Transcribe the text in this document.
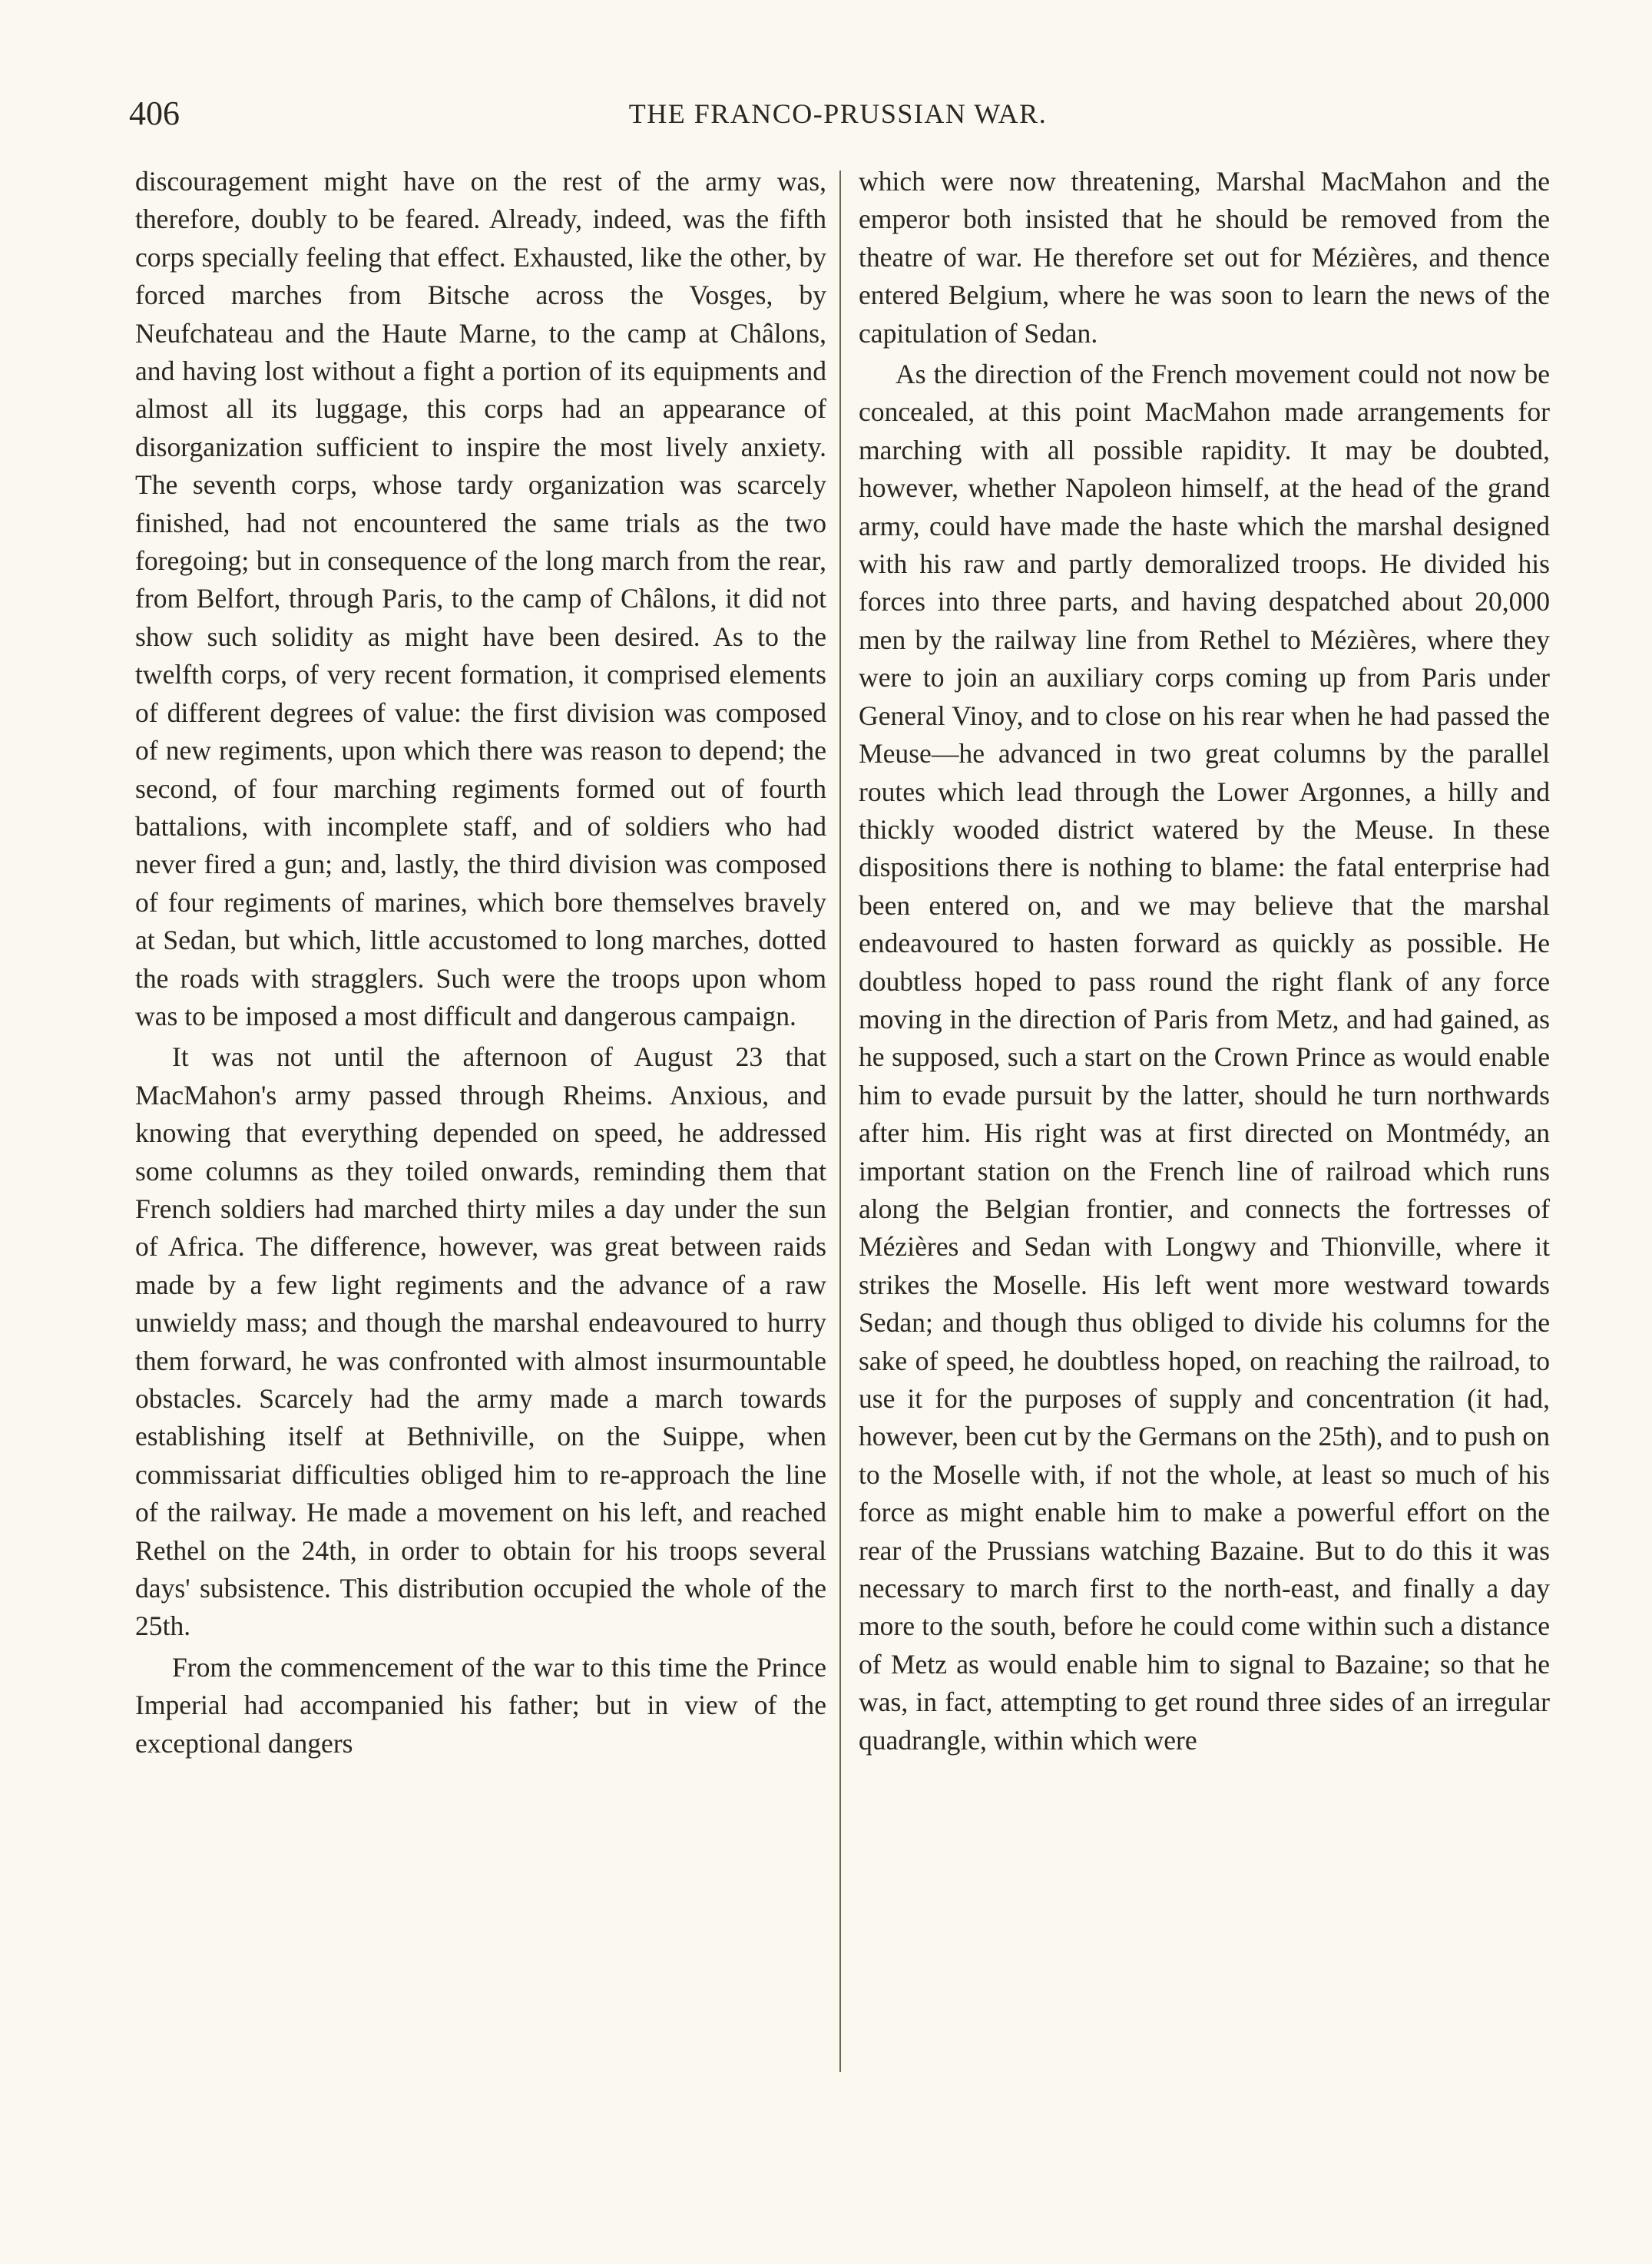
406	THE FRANCO-PRUSSIAN WAR.

discouragement might have on the rest of the army was, therefore, doubly to be feared. Already, indeed, was the fifth corps specially feeling that effect. Exhausted, like the other, by forced marches from Bitsche across the Vosges, by Neufchateau and the Haute Marne, to the camp at Châlons, and having lost without a fight a portion of its equipments and almost all its luggage, this corps had an appearance of disorganization sufficient to inspire the most lively anxiety. The seventh corps, whose tardy organization was scarcely finished, had not encountered the same trials as the two foregoing; but in consequence of the long march from the rear, from Belfort, through Paris, to the camp of Châlons, it did not show such solidity as might have been desired. As to the twelfth corps, of very recent formation, it comprised elements of different degrees of value: the first division was composed of new regiments, upon which there was reason to depend; the second, of four marching regiments formed out of fourth battalions, with incomplete staff, and of soldiers who had never fired a gun; and, lastly, the third division was composed of four regiments of marines, which bore themselves bravely at Sedan, but which, little accustomed to long marches, dotted the roads with stragglers. Such were the troops upon whom was to be imposed a most difficult and dangerous campaign.

It was not until the afternoon of August 23 that MacMahon's army passed through Rheims. Anxious, and knowing that everything depended on speed, he addressed some columns as they toiled onwards, reminding them that French soldiers had marched thirty miles a day under the sun of Africa. The difference, however, was great between raids made by a few light regiments and the advance of a raw unwieldy mass; and though the marshal endeavoured to hurry them forward, he was confronted with almost insurmountable obstacles. Scarcely had the army made a march towards establishing itself at Bethniville, on the Suippe, when commissariat difficulties obliged him to re-approach the line of the railway. He made a movement on his left, and reached Rethel on the 24th, in order to obtain for his troops several days' subsistence. This distribution occupied the whole of the 25th.

From the commencement of the war to this time the Prince Imperial had accompanied his father; but in view of the exceptional dangers

which were now threatening, Marshal MacMahon and the emperor both insisted that he should be removed from the theatre of war. He therefore set out for Mézières, and thence entered Belgium, where he was soon to learn the news of the capitulation of Sedan.

As the direction of the French movement could not now be concealed, at this point MacMahon made arrangements for marching with all possible rapidity. It may be doubted, however, whether Napoleon himself, at the head of the grand army, could have made the haste which the marshal designed with his raw and partly demoralized troops. He divided his forces into three parts, and having despatched about 20,000 men by the railway line from Rethel to Mézières, where they were to join an auxiliary corps coming up from Paris under General Vinoy, and to close on his rear when he had passed the Meuse—he advanced in two great columns by the parallel routes which lead through the Lower Argonnes, a hilly and thickly wooded district watered by the Meuse. In these dispositions there is nothing to blame: the fatal enterprise had been entered on, and we may believe that the marshal endeavoured to hasten forward as quickly as possible. He doubtless hoped to pass round the right flank of any force moving in the direction of Paris from Metz, and had gained, as he supposed, such a start on the Crown Prince as would enable him to evade pursuit by the latter, should he turn northwards after him. His right was at first directed on Montmédy, an important station on the French line of railroad which runs along the Belgian frontier, and connects the fortresses of Mézières and Sedan with Longwy and Thionville, where it strikes the Moselle. His left went more westward towards Sedan; and though thus obliged to divide his columns for the sake of speed, he doubtless hoped, on reaching the railroad, to use it for the purposes of supply and concentration (it had, however, been cut by the Germans on the 25th), and to push on to the Moselle with, if not the whole, at least so much of his force as might enable him to make a powerful effort on the rear of the Prussians watching Bazaine. But to do this it was necessary to march first to the north-east, and finally a day more to the south, before he could come within such a distance of Metz as would enable him to signal to Bazaine; so that he was, in fact, attempting to get round three sides of an irregular quadrangle, within which were
